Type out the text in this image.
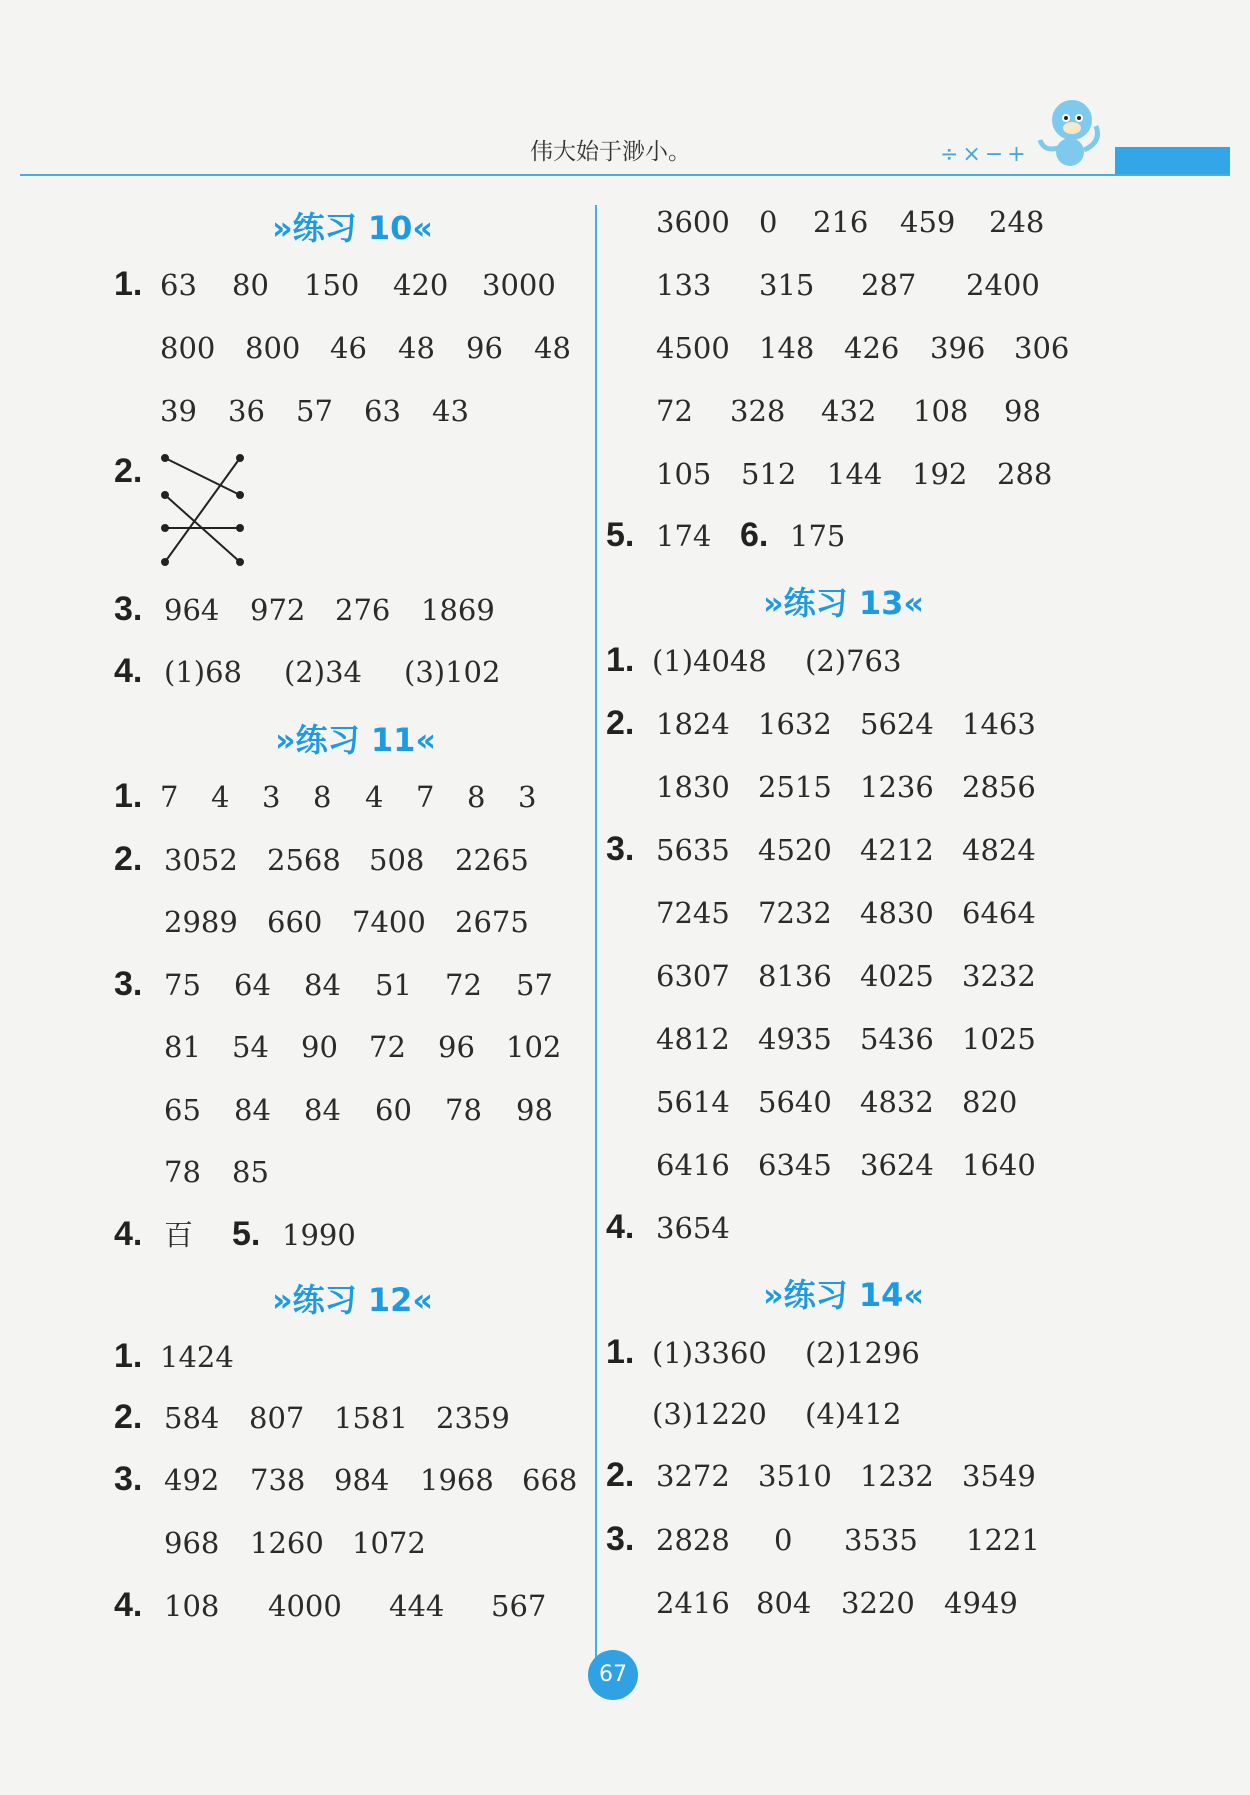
伟大始于渺小。	÷×−+
»练习 10«
1. 63 80 150 420 3000
800 800 46 48 96 48
39 36 57 63 43
2.
3. 964 972 276 1869
4. (1)68 (2)34 (3)102
»练习 11«
1. 7 4 3 8 4 7 8 3
2. 3052 2568 508 2265
2989 660 7400 2675
3. 75 64 84 51 72 57
81 54 90 72 96 102
65 84 84 60 78 98
78 85
4. 百 5. 1990
»练习 12«
1. 1424
2. 584 807 1581 2359
3. 492 738 984 1968 668
968 1260 1072
4. 108 4000 444 567
3600 0 216 459 248
133 315 287 2400
4500 148 426 396 306
72 328 432 108 98
105 512 144 192 288
5. 174 6. 175
»练习 13«
1. (1)4048 (2)763
2. 1824 1632 5624 1463
1830 2515 1236 2856
3. 5635 4520 4212 4824
7245 7232 4830 6464
6307 8136 4025 3232
4812 4935 5436 1025
5614 5640 4832 820
6416 6345 3624 1640
4. 3654
»练习 14«
1. (1)3360 (2)1296
(3)1220 (4)412
2. 3272 3510 1232 3549
3. 2828 0 3535 1221
2416 804 3220 4949
67
